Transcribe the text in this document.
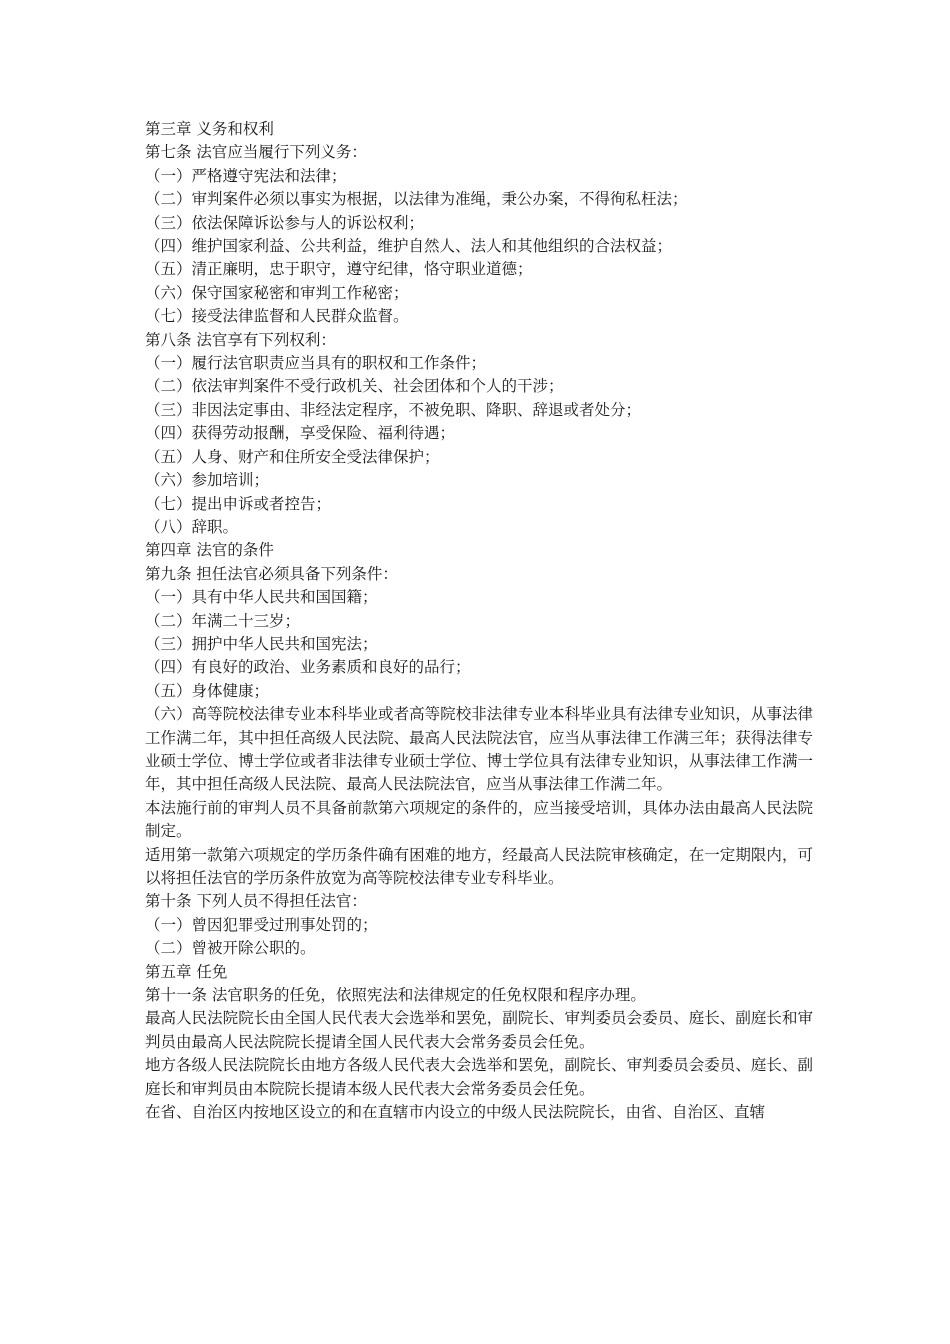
第三章 义务和权利
第七条 法官应当履行下列义务：
（一）严格遵守宪法和法律；
（二）审判案件必须以事实为根据，以法律为准绳，秉公办案，不得徇私枉法；
（三）依法保障诉讼参与人的诉讼权利；
（四）维护国家利益、公共利益，维护自然人、法人和其他组织的合法权益；
（五）清正廉明，忠于职守，遵守纪律，恪守职业道德；
（六）保守国家秘密和审判工作秘密；
（七）接受法律监督和人民群众监督。
第八条 法官享有下列权利：
（一）履行法官职责应当具有的职权和工作条件；
（二）依法审判案件不受行政机关、社会团体和个人的干涉；
（三）非因法定事由、非经法定程序，不被免职、降职、辞退或者处分；
（四）获得劳动报酬，享受保险、福利待遇；
（五）人身、财产和住所安全受法律保护；
（六）参加培训；
（七）提出申诉或者控告；
（八）辞职。
第四章 法官的条件
第九条 担任法官必须具备下列条件：
（一）具有中华人民共和国国籍；
（二）年满二十三岁；
（三）拥护中华人民共和国宪法；
（四）有良好的政治、业务素质和良好的品行；
（五）身体健康；
（六）高等院校法律专业本科毕业或者高等院校非法律专业本科毕业具有法律专业知识，从事法律工作满二年，其中担任高级人民法院、最高人民法院法官，应当从事法律工作满三年；获得法律专业硕士学位、博士学位或者非法律专业硕士学位、博士学位具有法律专业知识，从事法律工作满一年，其中担任高级人民法院、最高人民法院法官，应当从事法律工作满二年。
本法施行前的审判人员不具备前款第六项规定的条件的，应当接受培训，具体办法由最高人民法院制定。
适用第一款第六项规定的学历条件确有困难的地方，经最高人民法院审核确定，在一定期限内，可以将担任法官的学历条件放宽为高等院校法律专业专科毕业。
第十条 下列人员不得担任法官：
（一）曾因犯罪受过刑事处罚的；
（二）曾被开除公职的。
第五章 任免
第十一条 法官职务的任免，依照宪法和法律规定的任免权限和程序办理。
最高人民法院院长由全国人民代表大会选举和罢免，副院长、审判委员会委员、庭长、副庭长和审判员由最高人民法院院长提请全国人民代表大会常务委员会任免。
地方各级人民法院院长由地方各级人民代表大会选举和罢免，副院长、审判委员会委员、庭长、副庭长和审判员由本院院长提请本级人民代表大会常务委员会任免。
在省、自治区内按地区设立的和在直辖市内设立的中级人民法院院长，由省、自治区、直辖
